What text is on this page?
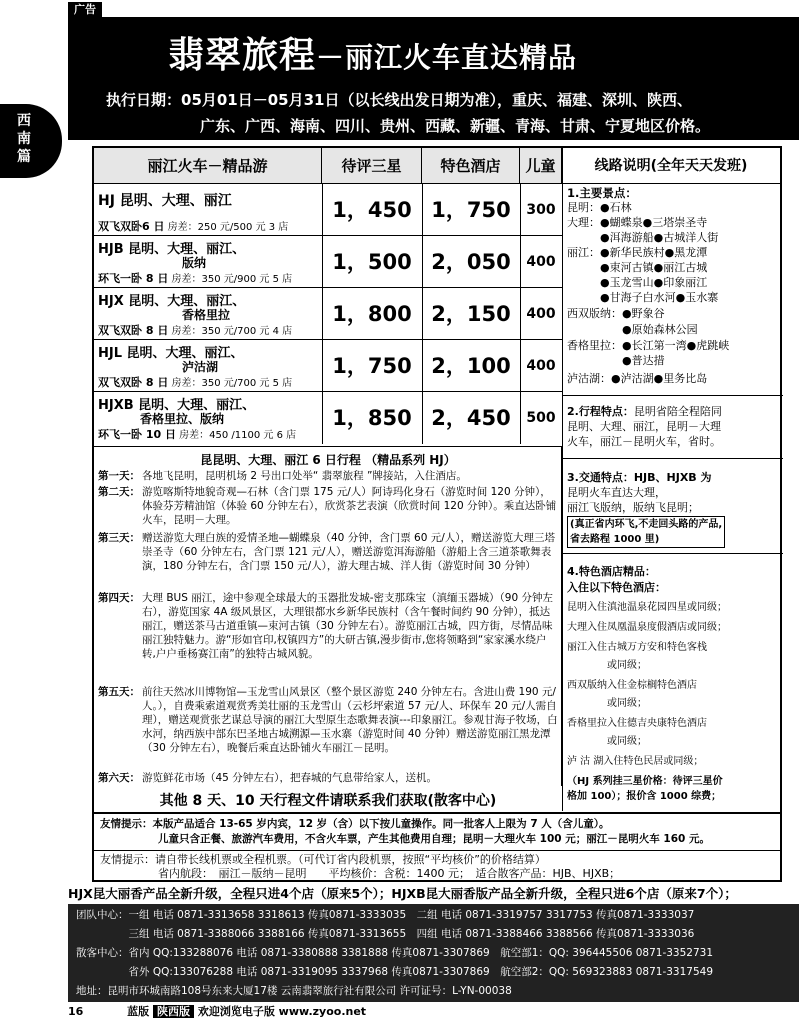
广告
西
南
篇
翡翠旅程－丽江火车直达精品
执行日期：05月01日－05月31日（以长线出发日期为准），重庆、福建、深圳、陕西、
广东、广西、海南、四川、贵州、西藏、新疆、青海、甘肃、宁夏地区价格。
丽江火车－精品游	待评三星	特色酒店	儿童	线路说明(全年天天发班)
HJ 昆明、大理、丽江
双飞双卧6 日 房差：250 元/500 元 3 店
1，450 1，750	300
HJB 昆明、大理、丽江、
版纳
环飞一卧 8 日 房差：350 元/900 元 5 店
1，500 2，050	400
HJX 昆明、大理、丽江、
香格里拉
双飞双卧 8 日 房差：350 元/700 元 4 店
1，800 2，150	400
HJL 昆明、大理、丽江、
泸沽湖
双飞双卧 8 日 房差：350 元/700 元 5 店
1，750 2，100	400
HJXB 昆明、大理、丽江、
香格里拉、版纳
环飞一卧 10 日 房差：450 /1100 元 6 店
1，850 2，450	500
昆昆明、大理、丽江 6 日行程 （精品系列 HJ）
第一天： 各地飞昆明，昆明机场 2 号出口处举“ 翡翠旅程 ”牌接站，入住酒店。
第二天： 游览喀斯特地貌奇观—石林（含门票 175 元/人）阿诗玛化身石（游览时间 120 分钟），体验芬芳精油馆（体验 60 分钟左右），欣赏茶艺表演（欣赏时间 120 分钟）。乘直达卧铺火车，昆明－大理。
第三天： 赠送游览大理白族的爱情圣地—蝴蝶泉（40 分钟，含门票 60 元/人），赠送游览大理三塔崇圣寺（60 分钟左右，含门票 121 元/人），赠送游览洱海游船（游船上含三道茶歌舞表演，180 分钟左右，含门票 150 元/人），游大理古城、洋人街（游览时间 30 分钟）
第四天： 大理 BUS 丽江，途中参观全球最大的玉器批发城-密支那珠宝（滇缅玉器城）（90 分钟左右），游览国家 4A 级风景区，大理银都水乡新华民族村（含午餐时间约 90 分钟），抵达丽江，赠送茶马古道重镇—束河古镇（30 分钟左右）。游览丽江古城，四方街，尽情品味丽江独特魅力。游“形如官印,权镇四方”的大研古镇,漫步街市,您将领略到“家家溪水绕户转,户户垂杨赛江南”的独特古城风貌。
第五天： 前往天然冰川博物馆—玉龙雪山风景区（整个景区游览 240 分钟左右。含进山费 190 元/人。），自费乘索道观赏秀美壮丽的玉龙雪山（云杉坪索道 57 元/人、环保车 20 元/人需自理），赠送观赏张艺谋总导演的丽江大型原生态歌舞表演---印象丽江。参观甘海子牧场，白水河，纳西族中部东巴圣地古城溯源—玉水寨（游览时间 40 分钟）赠送游览丽江黑龙潭（30 分钟左右），晚餐后乘直达卧铺火车丽江－昆明。
第六天： 游览鲜花市场（45 分钟左右），把春城的气息带给家人，送机。
其他 8 天、10 天行程文件请联系我们获取(散客中心)
1.主要景点：
昆明：●石林
大理：●蝴蝶泉●三塔崇圣寺
　　　●洱海游船●古城洋人街
丽江：●新华民族村●黑龙潭
　　　●束河古镇●丽江古城
　　　●玉龙雪山●印象丽江
　　　●甘海子白水河●玉水寨
西双版纳：●野象谷
　　　　　●原始森林公园
香格里拉：●长江第一湾●虎跳峡
　　　　　●普达措
泸沽湖：●泸沽湖●里务比岛
2.行程特点：昆明省陪全程陪同
昆明、大理、丽江，昆明－大理
火车，丽江－昆明火车，省时。
3.交通特点：HJB、HJXB 为
昆明火车直达大理，
丽江飞版纳，版纳飞昆明；
(真正省内环飞,不走回头路的产品,
省去路程 1000 里)
4.特色酒店精品：
入住以下特色酒店：
昆明入住滇池温泉花园四星或同级；
大理入住凤凰温泉度假酒店或同级；
丽江入住古城万方安和特色客栈
　　　　或同级；
西双版纳入住金棕榈特色酒店
　　　　或同级；
香格里拉入住德吉央康特色酒店
　　　　或同级；
泸 沽 湖入住特色民居或同级；
（HJ 系列挂三星价格：待评三星价
格加 100）；报价含 1000 综费；
友情提示：本版产品适合 13-65 岁内宾，12 岁（含）以下按儿童操作。同一批客人上限为 7 人（含儿童）。
儿童只含正餐、旅游汽车费用，不含火车票，产生其他费用自理；昆明－大理火车 100 元；丽江－昆明火车 160 元。
友情提示：请自带长线机票或全程机票。（可代订省内段机票，按照“平均核价”的价格结算）
省内航段：　丽江－版纳－昆明　　平均核价：含税：1400 元；　适合散客产品：HJB、HJXB；
HJX昆大丽香产品全新升级，全程只进4个店（原来5个）；HJXB昆大丽香版产品全新升级，全程只进6个店（原来7个）；
团队中心：一组 电话 0871-3313658 3318613 传真0871-3333035　二组 电话 0871-3319757 3317753 传真0871-3333037
　　　　　三组 电话 0871-3388066 3388166 传真0871-3313655　四组 电话 0871-3388466 3388566 传真0871-3333036
散客中心：省内 QQ:133288076 电话 0871-3380888 3381888 传真0871-3307869　航空部1：QQ: 396445506 0871-3352731
　　　　　省外 QQ:133076288 电话 0871-3319095 3337968 传真0871-3307869　航空部2：QQ: 569323883 0871-3317549
地址：昆明市环城南路108号东来大厦17楼 云南翡翠旅行社有限公司 许可证号：L-YN-00038
16	蓝版 陕西版 欢迎浏览电子版 www.zyoo.net
